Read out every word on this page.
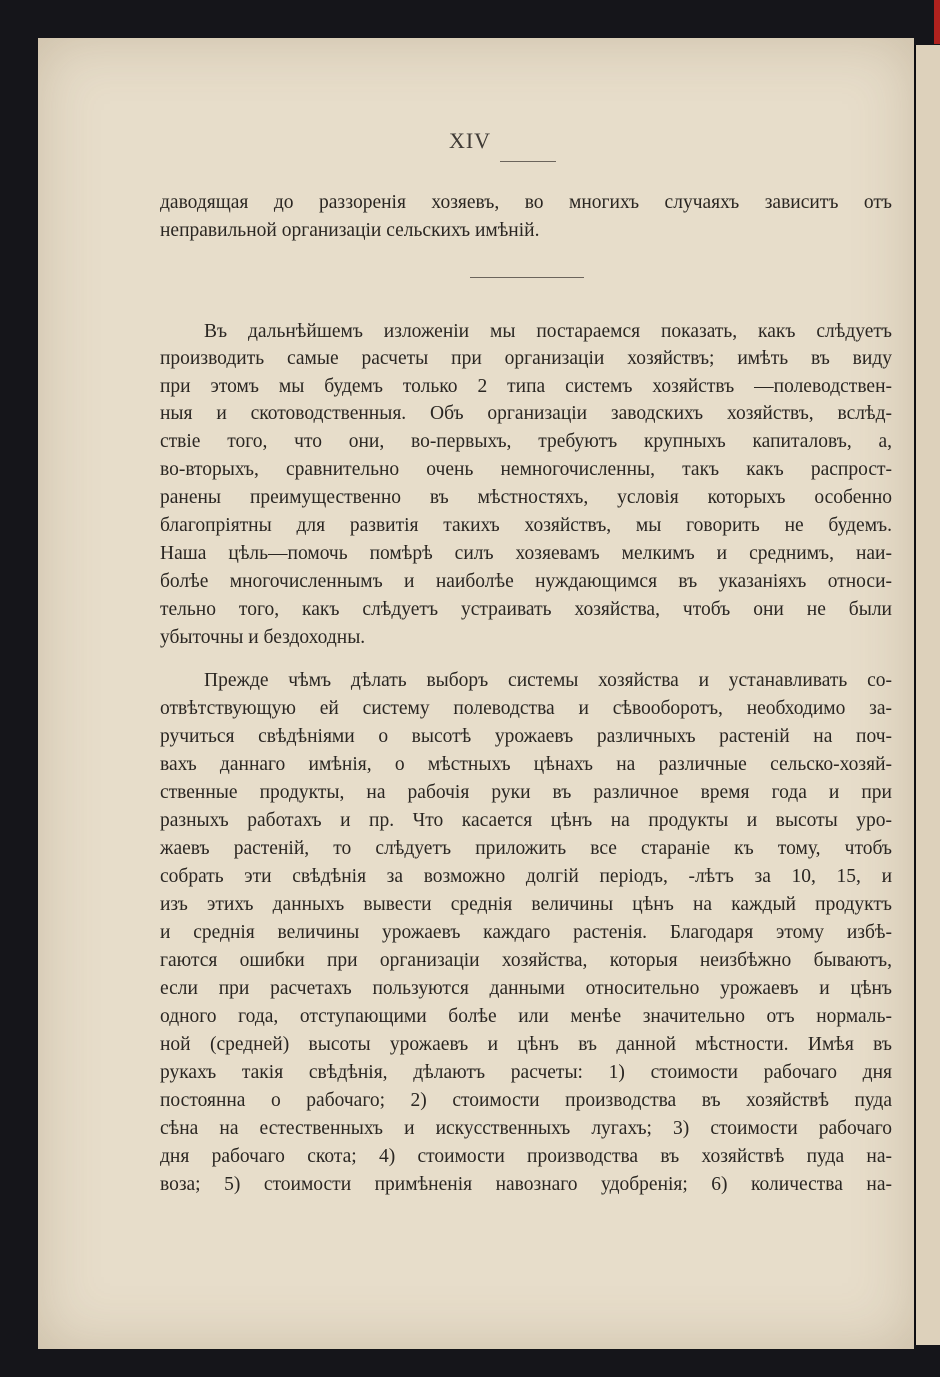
XIV
даводящая до раззоренія хозяевъ, во многихъ случаяхъ зависитъ отъ
неправильной организаціи сельскихъ имѣній.
Въ дальнѣйшемъ изложеніи мы постараемся показать, какъ слѣдуетъ
производить самые расчеты при организаціи хозяйствъ; имѣть въ виду
при этомъ мы будемъ только 2 типа системъ хозяйствъ —полеводствен-
ныя и скотоводственныя. Объ организаціи заводскихъ хозяйствъ, вслѣд-
ствіе того, что они, во-первыхъ, требуютъ крупныхъ капиталовъ, а,
во-вторыхъ, сравнительно очень немногочисленны, такъ какъ распрост-
ранены преимущественно въ мѣстностяхъ, условія которыхъ особенно
благопріятны для развитія такихъ хозяйствъ, мы говорить не будемъ.
Наша цѣль—помочь помѣрѣ силъ хозяевамъ мелкимъ и среднимъ, наи-
болѣе многочисленнымъ и наиболѣе нуждающимся въ указаніяхъ относи-
тельно того, какъ слѣдуетъ устраивать хозяйства, чтобъ они не были
убыточны и бездоходны.
Прежде чѣмъ дѣлать выборъ системы хозяйства и устанавливать со-
отвѣтствующую ей систему полеводства и сѣвооборотъ, необходимо за-
ручиться свѣдѣніями о высотѣ урожаевъ различныхъ растеній на поч-
вахъ даннаго имѣнія, о мѣстныхъ цѣнахъ на различные сельско-хозяй-
ственные продукты, на рабочія руки въ различное время года и при
разныхъ работахъ и пр. Что касается цѣнъ на продукты и высоты уро-
жаевъ растеній, то слѣдуетъ приложить все стараніе къ тому, чтобъ
собрать эти свѣдѣнія за возможно долгій періодъ, -лѣтъ за 10, 15, и
изъ этихъ данныхъ вывести среднія величины цѣнъ на каждый продуктъ
и среднія величины урожаевъ каждаго растенія. Благодаря этому избѣ-
гаются ошибки при организаціи хозяйства, которыя неизбѣжно бываютъ,
если при расчетахъ пользуются данными относительно урожаевъ и цѣнъ
одного года, отступающими болѣе или менѣе значительно отъ нормаль-
ной (средней) высоты урожаевъ и цѣнъ въ данной мѣстности. Имѣя въ
рукахъ такія свѣдѣнія, дѣлаютъ расчеты: 1) стоимости рабочаго дня
постоянна о рабочаго; 2) стоимости производства въ хозяйствѣ пуда
сѣна на естественныхъ и искусственныхъ лугахъ; 3) стоимости рабочаго
дня рабочаго скота; 4) стоимости производства въ хозяйствѣ пуда на-
воза; 5) стоимости примѣненія навознаго удобренія; 6) количества на-
